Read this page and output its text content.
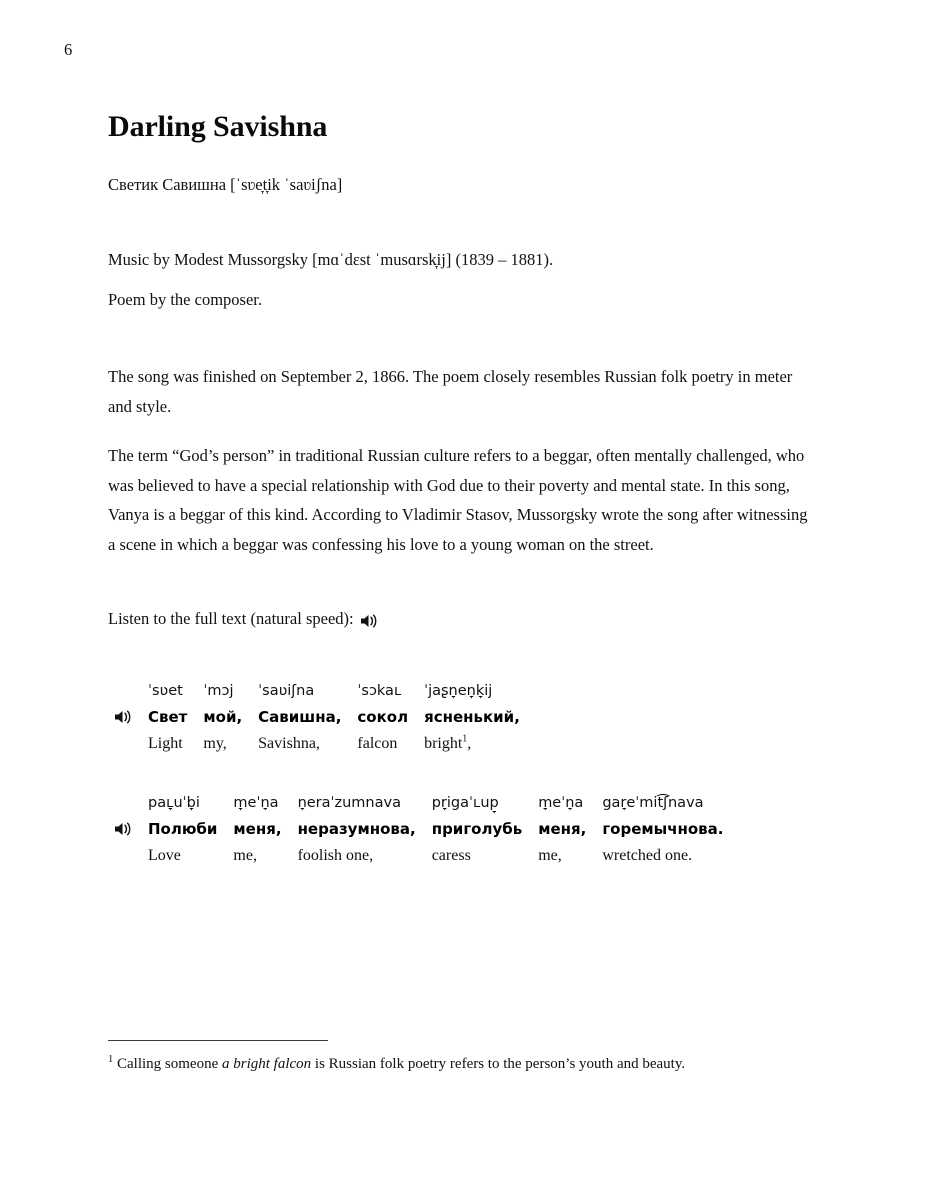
6
Darling Savishna
Светик Савишна [ˈsʋe̞t̞ik ˈsaʋiʃna]
Music by Modest Mussorgsky [mɑˈdɛst ˈmusɑrsk̞ij] (1839 – 1881).
Poem by the composer.

The song was finished on September 2, 1866. The poem closely resembles Russian folk poetry in meter and style.

The term “God’s person” in traditional Russian culture refers to a beggar, often mentally challenged, who was believed to have a special relationship with God due to their poverty and mental state. In this song, Vanya is a beggar of this kind. According to Vladimir Stasov, Mussorgsky wrote the song after witnessing a scene in which a beggar was confessing his love to a young woman on the street.

Listen to the full text (natural speed):
ˈsʋet	ˈmɔj	ˈsaʋiʃna	ˈsɔkaʟ	ˈjaʂn̞en̞k̞ij
Свет	мой,	Савишна,	сокол	ясненький,
Light	my,	Savishna,	falcon	bright$^1$,
paʟ̞uˈb̞i	m̞eˈn̞a	n̞eraˈzumnava	pr̞igaˈʟup̞	m̞eˈn̞a	gar̞eˈmit͡ʃnava
Полюби	меня,	неразумнова,	приголубь	меня,	горемычнова.
Love	me,	foolish one,	caress	me,	wretched one.
$^1$ Calling someone a bright falcon is Russian folk poetry refers to the person’s youth and beauty.
